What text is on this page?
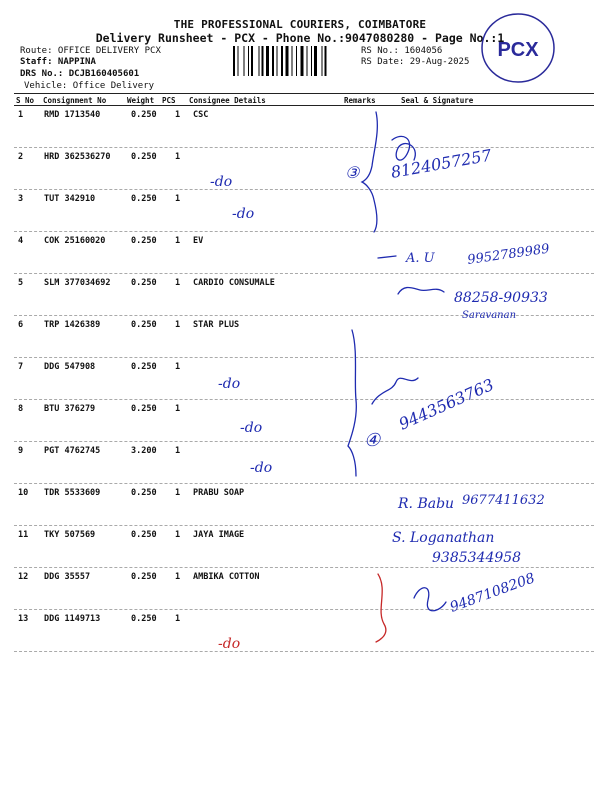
THE PROFESSIONAL COURIERS, COIMBATORE
Delivery Runsheet - PCX - Phone No.:9047080280 - Page No.:1
Route: OFFICE DELIVERY PCX
Staff: NAPPINA
DRS No.: DCJB160405601
Vehicle: Office Delivery
RS No.: 1604056
RS Date: 29-Aug-2025
PCX
S No Consignment No	Weight PCS Consignee Details	Remarks	Seal & Signature
1 RMD 1713540	0.250 1 CSC
2 HRD 362536270 0.250 1
3 TUT 342910	0.250 1
4 COK 25160020	0.250 1 EV
5 SLM 377034692 0.250 1 CARDIO CONSUMALE
6 TRP 1426389	0.250 1 STAR PLUS
7 DDG 547908	0.250 1
8 BTU 376279	0.250 1
9 PGT 4762745	3.200 1
10 TDR 5533609	0.250 1 PRABU SOAP
11 TKY 507569	0.250 1 JAYA IMAGE
12 DDG 35557	0.250 1 AMBIKA COTTON
13 DDG 1149713	0.250 1
-do
-do
-do
-do
-do
-do
③
④
8124057257
A. U 9952789989
88258-90933
Saravanan
9443563763
R. Babu 9677411632
S. Loganathan
9385344958
9487108208
